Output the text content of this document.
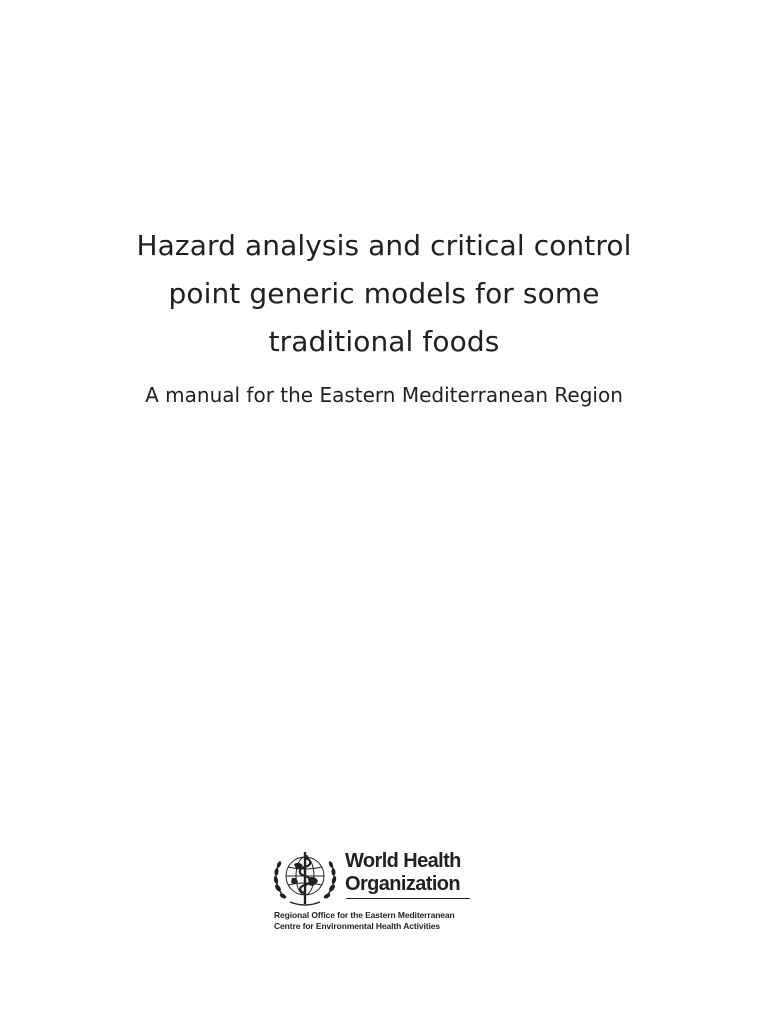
Hazard analysis and critical control
point generic models for some
traditional foods
A manual for the Eastern Mediterranean Region
World Health
Organization
Regional Office for the Eastern Mediterranean
Centre for Environmental Health Activities
